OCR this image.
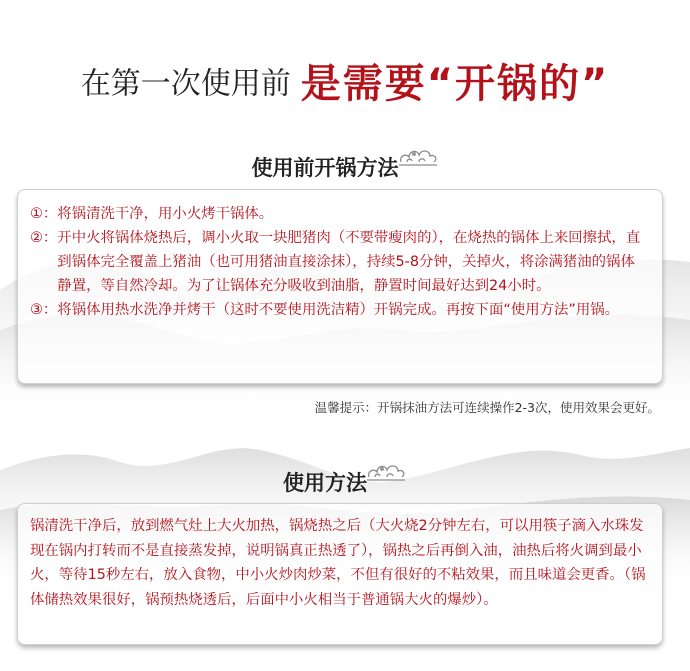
在第一次使用前 是需要“开锅的”
使用前开锅方法
①： 将锅清洗干净，用小火烤干锅体。
②： 开中火将锅体烧热后，调小火取一块肥猪肉（不要带瘦肉的），在烧热的锅体上来回擦拭，直到锅体完全覆盖上猪油（也可用猪油直接涂抹），持续5-8分钟，关掉火，将涂满猪油的锅体静置，等自然冷却。为了让锅体充分吸收到油脂，静置时间最好达到24小时。
③： 将锅体用热水洗净并烤干（这时不要使用洗洁精）开锅完成。再按下面“使用方法”用锅。
温馨提示：开锅抹油方法可连续操作2-3次，使用效果会更好。
使用方法
锅清洗干净后，放到燃气灶上大火加热，锅烧热之后（大火烧2分钟左右，可以用筷子滴入水珠发现在锅内打转而不是直接蒸发掉，说明锅真正热透了），锅热之后再倒入油，油热后将火调到最小火，等待15秒左右，放入食物，中小火炒肉炒菜，不但有很好的不粘效果，而且味道会更香。（锅体储热效果很好，锅预热烧透后，后面中小火相当于普通锅大火的爆炒）。
